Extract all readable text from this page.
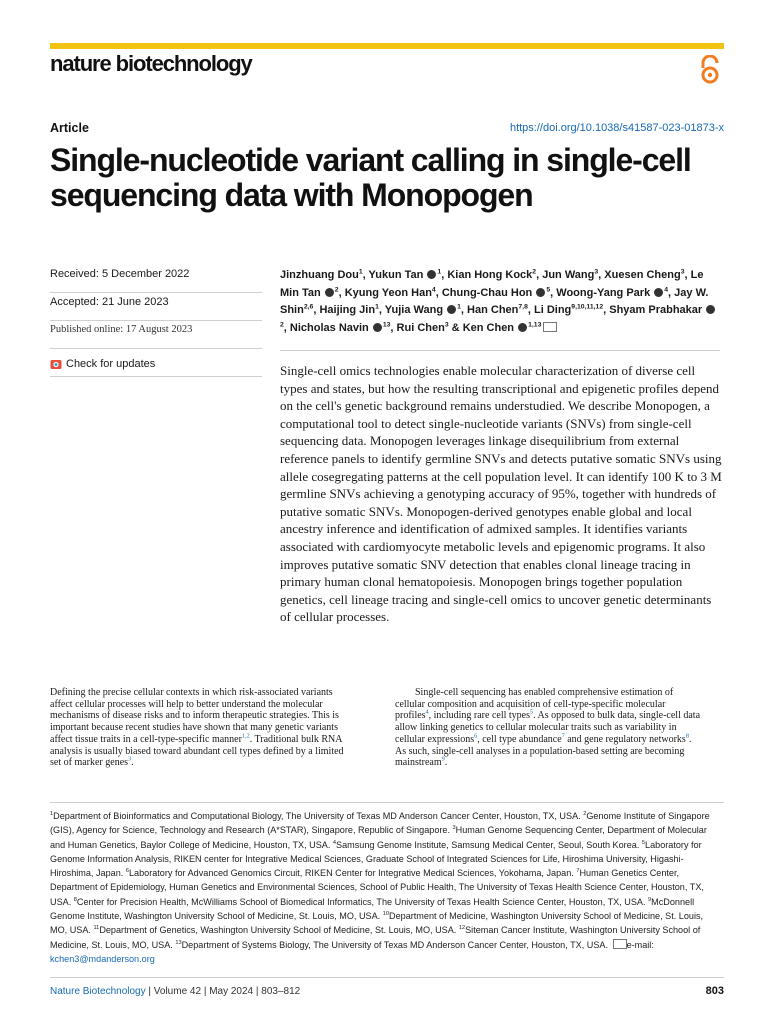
nature biotechnology
Article	https://doi.org/10.1038/s41587-023-01873-x
Single-nucleotide variant calling in single-cell sequencing data with Monopogen
Received: 5 December 2022
Accepted: 21 June 2023
Published online: 17 August 2023
Check for updates
Jinzhuang Dou$^1$, Yukun Tan $^1$, Kian Hong Kock$^2$, Jun Wang$^3$, Xuesen Cheng$^3$, Le Min Tan $^2$, Kyung Yeon Han$^4$, Chung-Chau Hon $^5$, Woong-Yang Park $^4$, Jay W. Shin$^{2,6}$, Haijing Jin$^1$, Yujia Wang $^1$, Han Chen$^{7,8}$, Li Ding$^{9,10,11,12}$, Shyam Prabhakar $^2$, Nicholas Navin $^{13}$, Rui Chen$^3$ & Ken Chen $^{1,13}$

Single-cell omics technologies enable molecular characterization of diverse cell types and states, but how the resulting transcriptional and epigenetic profiles depend on the cell's genetic background remains understudied. We describe Monopogen, a computational tool to detect single-nucleotide variants (SNVs) from single-cell sequencing data. Monopogen leverages linkage disequilibrium from external reference panels to identify germline SNVs and detects putative somatic SNVs using allele cosegregating patterns at the cell population level. It can identify 100 K to 3 M germline SNVs achieving a genotyping accuracy of 95%, together with hundreds of putative somatic SNVs. Monopogen-derived genotypes enable global and local ancestry inference and identification of admixed samples. It identifies variants associated with cardiomyocyte metabolic levels and epigenomic programs. It also improves putative somatic SNV detection that enables clonal lineage tracing in primary human clonal hematopoiesis. Monopogen brings together population genetics, cell lineage tracing and single-cell omics to uncover genetic determinants of cellular processes.

Defining the precise cellular contexts in which risk-associated variants affect cellular processes will help to better understand the molecular mechanisms of disease risks and to inform therapeutic strategies. This is important because recent studies have shown that many genetic variants affect tissue traits in a cell-type-specific manner$^{1,2}$. Traditional bulk RNA analysis is usually biased toward abundant cell types defined by a limited set of marker genes$^3$.

Single-cell sequencing has enabled comprehensive estimation of cellular composition and acquisition of cell-type-specific molecular profiles$^4$, including rare cell types$^5$. As opposed to bulk data, single-cell data allow linking genetics to cellular molecular traits such as variability in cellular expressions$^6$, cell type abundance$^7$ and gene regulatory networks$^8$. As such, single-cell analyses in a population-based setting are becoming mainstream$^9$.

$^1$Department of Bioinformatics and Computational Biology, The University of Texas MD Anderson Cancer Center, Houston, TX, USA. $^2$Genome Institute of Singapore (GIS), Agency for Science, Technology and Research (A*STAR), Singapore, Republic of Singapore. $^3$Human Genome Sequencing Center, Department of Molecular and Human Genetics, Baylor College of Medicine, Houston, TX, USA. $^4$Samsung Genome Institute, Samsung Medical Center, Seoul, South Korea. $^5$Laboratory for Genome Information Analysis, RIKEN center for Integrative Medical Sciences, Graduate School of Integrated Sciences for Life, Hiroshima University, Higashi-Hiroshima, Japan. $^6$Laboratory for Advanced Genomics Circuit, RIKEN Center for Integrative Medical Sciences, Yokohama, Japan. $^7$Human Genetics Center, Department of Epidemiology, Human Genetics and Environmental Sciences, School of Public Health, The University of Texas Health Science Center, Houston, TX, USA. $^8$Center for Precision Health, McWilliams School of Biomedical Informatics, The University of Texas Health Science Center, Houston, TX, USA. $^9$McDonnell Genome Institute, Washington University School of Medicine, St. Louis, MO, USA. $^{10}$Department of Medicine, Washington University School of Medicine, St. Louis, MO, USA. $^{11}$Department of Genetics, Washington University School of Medicine, St. Louis, MO, USA. $^{12}$Siteman Cancer Institute, Washington University School of Medicine, St. Louis, MO, USA. $^{13}$Department of Systems Biology, The University of Texas MD Anderson Cancer Center, Houston, TX, USA. e-mail: kchen3@mdanderson.org
Nature Biotechnology | Volume 42 | May 2024 | 803–812	803
